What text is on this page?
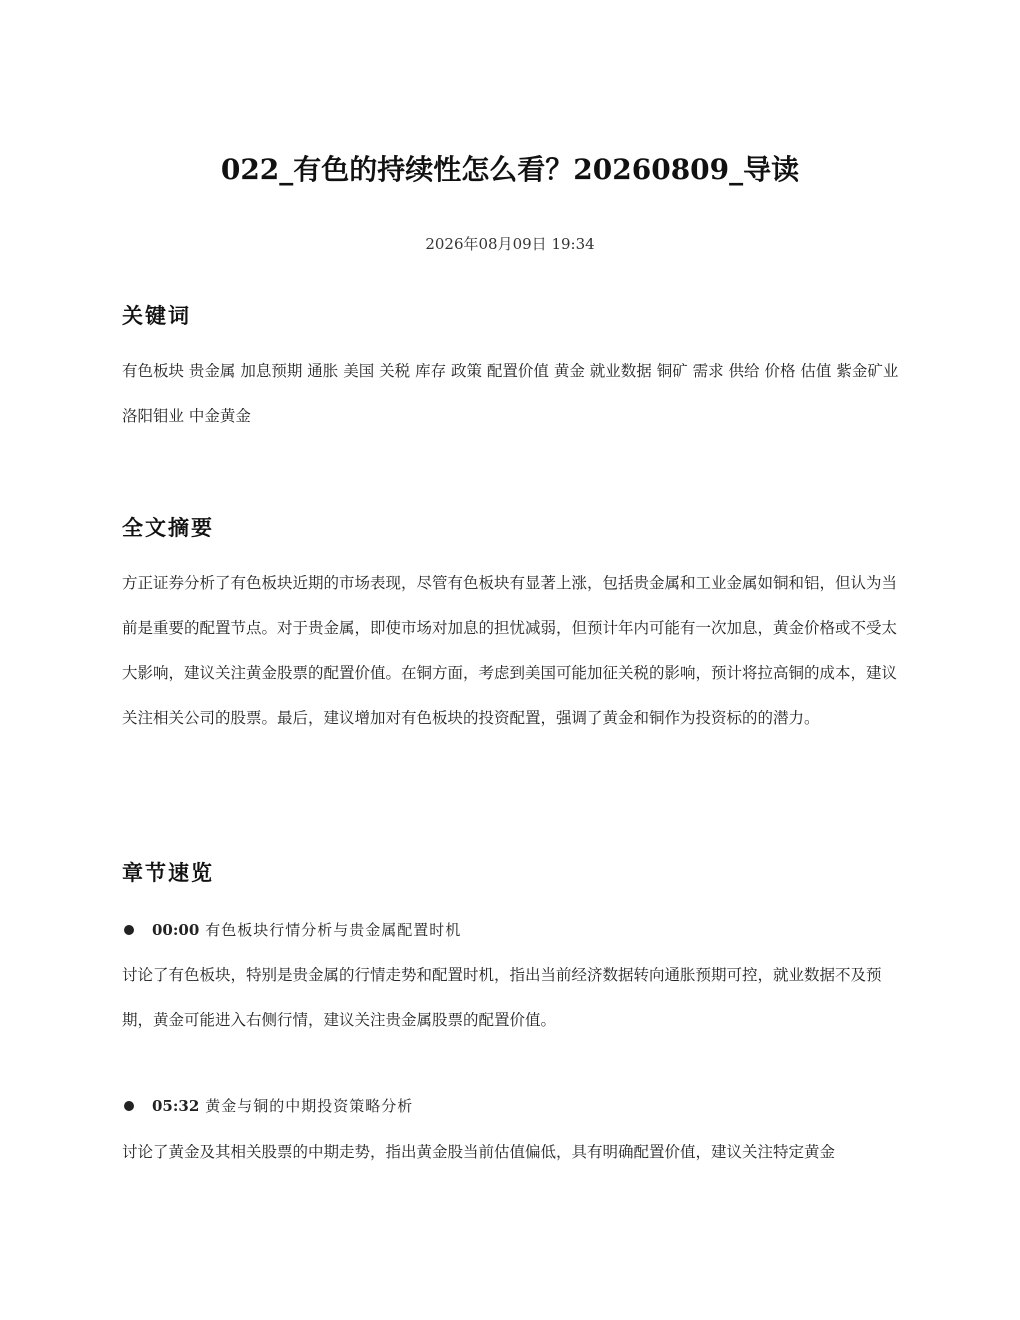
022_有色的持续性怎么看？20260809_导读
2026年08月09日 19:34
关键词

有色板块 贵金属 加息预期 通胀 美国 关税 库存 政策 配置价值 黄金 就业数据 铜矿 需求 供给 价格 估值 紫金矿业 洛阳钼业 中金黄金

全文摘要

方正证券分析了有色板块近期的市场表现，尽管有色板块有显著上涨，包括贵金属和工业金属如铜和铝，但认为当前是重要的配置节点。对于贵金属，即使市场对加息的担忧减弱，但预计年内可能有一次加息，黄金价格或不受太大影响，建议关注黄金股票的配置价值。在铜方面，考虑到美国可能加征关税的影响，预计将拉高铜的成本，建议关注相关公司的股票。最后，建议增加对有色板块的投资配置，强调了黄金和铜作为投资标的的潜力。

章节速览
00:00 有色板块行情分析与贵金属配置时机

讨论了有色板块，特别是贵金属的行情走势和配置时机，指出当前经济数据转向通胀预期可控，就业数据不及预期，黄金可能进入右侧行情，建议关注贵金属股票的配置价值。

05:32 黄金与铜的中期投资策略分析

讨论了黄金及其相关股票的中期走势，指出黄金股当前估值偏低，具有明确配置价值，建议关注特定黄金
